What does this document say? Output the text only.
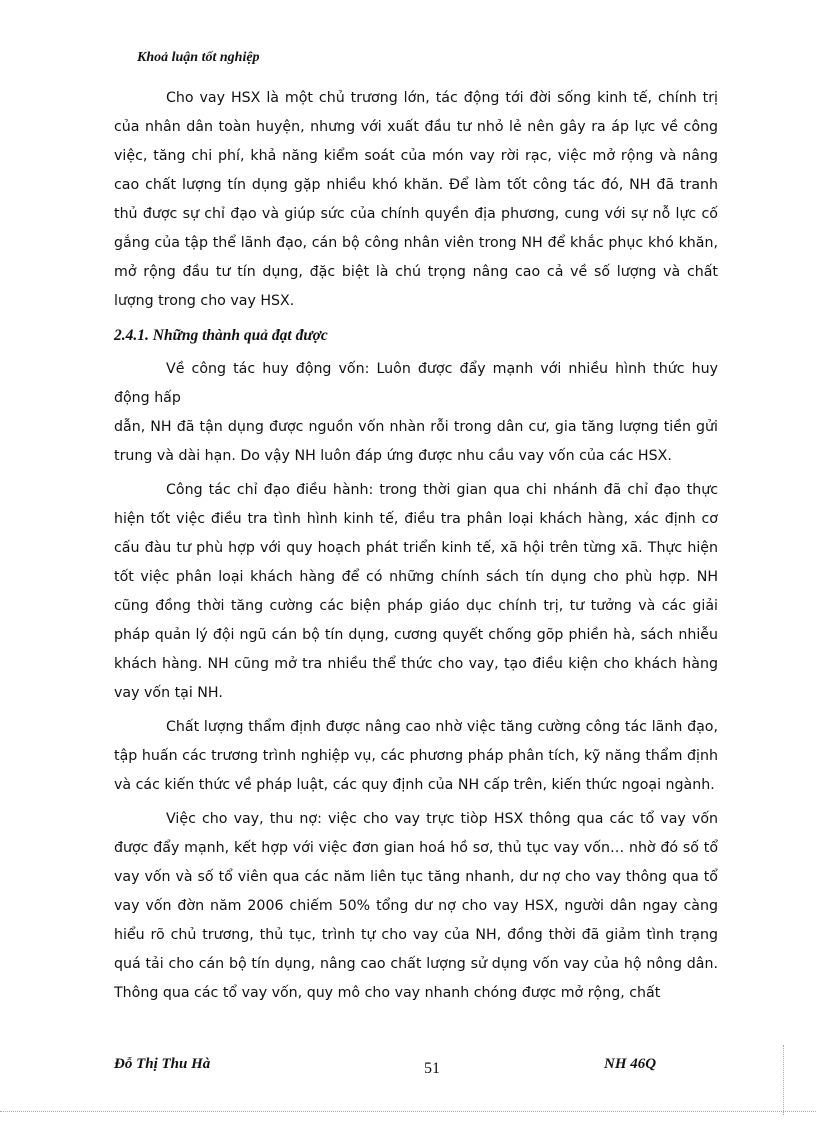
Khoả luận tốt nghiệp

Cho vay HSX là một chủ trương lớn, tác động tới đời sống kinh tế, chính trị của nhân dân toàn huyện, nhưng với xuất đầu tư nhỏ lẻ nên gây ra áp lực về công việc, tăng chi phí, khả năng kiểm soát của món vay rời rạc, việc mở rộng và nâng cao chất lượng tín dụng gặp nhiều khó khăn. Để làm tốt công tác đó, NH đã tranh thủ được sự chỉ đạo và giúp sức của chính quyền địa phương, cung với sự nỗ lực cố gắng của tập thể lãnh đạo, cán bộ công nhân viên trong NH để khắc phục khó khăn, mở rộng đầu tư tín dụng, đặc biệt là chú trọng nâng cao cả về số lượng và chất lượng trong cho vay HSX.

2.4.1. Những thành quả đạt được

Về công tác huy động vốn: Luôn được đẩy mạnh với nhiều hình thức huy động hấp

dẫn, NH đã tận dụng được nguồn vốn nhàn rỗi trong dân cư, gia tăng lượng tiền gửi trung và dài hạn. Do vậy NH luôn đáp ứng được nhu cầu vay vốn của các HSX.

Công tác chỉ đạo điều hành: trong thời gian qua chi nhánh đã chỉ đạo thực hiện tốt việc điều tra tình hình kinh tế, điều tra phân loại khách hàng, xác định cơ cấu đàu tư phù hợp với quy hoạch phát triển kinh tế, xã hội trên từng xã. Thực hiện tốt việc phân loại khách hàng để có những chính sách tín dụng cho phù hợp. NH cũng đồng thời tăng cường các biện pháp giáo dục chính trị, tư tưởng và các giải pháp quản lý đội ngũ cán bộ tín dụng, cương quyết chống gõp phiền hà, sách nhiễu khách hàng. NH cũng mở tra nhiều thể thức cho vay, tạo điều kiện cho khách hàng vay vốn tại NH.

Chất lượng thẩm định được nâng cao nhờ việc tăng cường công tác lãnh đạo, tập huấn các trương trình nghiệp vụ, các phương pháp phân tích, kỹ năng thẩm định và các kiến thức về pháp luật, các quy định của NH cấp trên, kiến thức ngoại ngành.

Việc cho vay, thu nợ: việc cho vay trực tiòp HSX thông qua các tổ vay vốn được đẩy mạnh, kết hợp với việc đơn gian hoá hồ sơ, thủ tục vay vốn… nhờ đó số tổ vay vốn và số tổ viên qua các năm liên tục tăng nhanh, dư nợ cho vay thông qua tổ vay vốn đờn năm 2006 chiếm 50% tổng dư nợ cho vay HSX, người dân ngay càng hiểu rõ chủ trương, thủ tục, trình tự cho vay của NH, đồng thời đã giảm tình trạng quá tải cho cán bộ tín dụng, nâng cao chất lượng sử dụng vốn vay của hộ nông dân. Thông qua các tổ vay vốn, quy mô cho vay nhanh chóng được mở rộng, chất

Đỗ Thị Thu Hà	51	NH 46Q
